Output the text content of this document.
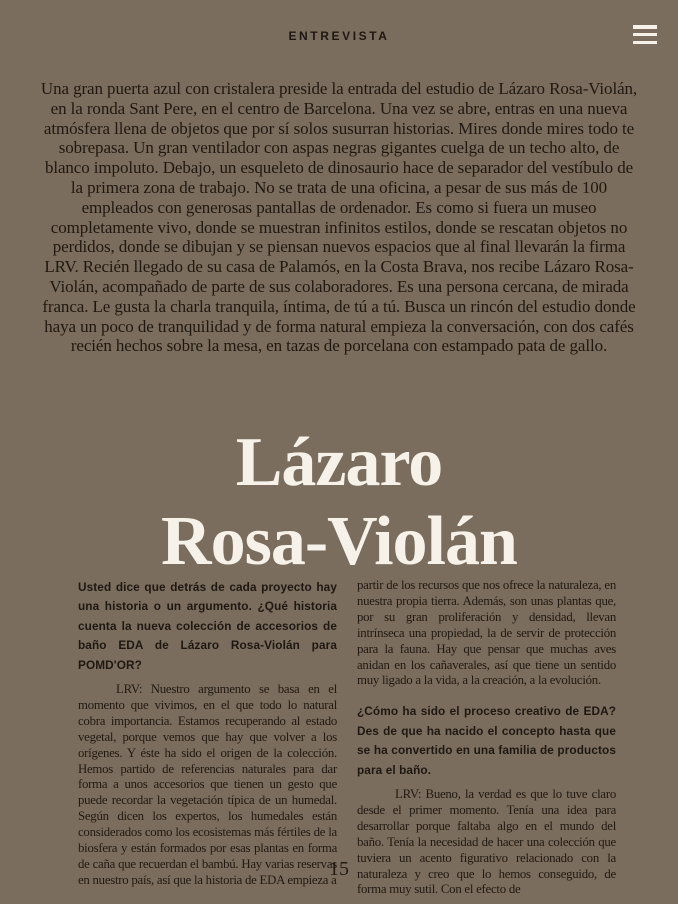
ENTREVISTA

Una gran puerta azul con cristalera preside la entrada del estudio de Lázaro Rosa-Violán, en la ronda Sant Pere, en el centro de Barcelona. Una vez se abre, entras en una nueva atmósfera llena de objetos que por sí solos susurran historias. Mires donde mires todo te sobrepasa. Un gran ventilador con aspas negras gigantes cuelga de un techo alto, de blanco impoluto. Debajo, un esqueleto de dinosaurio hace de separador del vestíbulo de la primera zona de trabajo. No se trata de una oficina, a pesar de sus más de 100 empleados con generosas pantallas de ordenador. Es como si fuera un museo completamente vivo, donde se muestran infinitos estilos, donde se rescatan objetos no perdidos, donde se dibujan y se piensan nuevos espacios que al final llevarán la firma LRV. Recién llegado de su casa de Palamós, en la Costa Brava, nos recibe Lázaro Rosa-Violán, acompañado de parte de sus colaboradores. Es una persona cercana, de mirada franca. Le gusta la charla tranquila, íntima, de tú a tú. Busca un rincón del estudio donde haya un poco de tranquilidad y de forma natural empieza la conversación, con dos cafés recién hechos sobre la mesa, en tazas de porcelana con estampado pata de gallo.

Lázaro
Rosa-Violán

Usted dice que detrás de cada proyecto hay una historia o un argumento. ¿Qué historia cuenta la nueva colección de accesorios de baño EDA de Lázaro Rosa-Violán para POMD'OR?

LRV: Nuestro argumento se basa en el momento que vivimos, en el que todo lo natural cobra importancia. Estamos recuperando al estado vegetal, porque vemos que hay que volver a los orígenes. Y éste ha sido el origen de la colección. Hemos partido de referencias naturales para dar forma a unos accesorios que tienen un gesto que puede recordar la vegetación típica de un humedal. Según dicen los expertos, los humedales están considerados como los ecosistemas más fértiles de la biosfera y están formados por esas plantas en forma de caña que recuerdan el bambú. Hay varias reservas en nuestro país, así que la historia de EDA empieza a

partir de los recursos que nos ofrece la naturaleza, en nuestra propia tierra. Además, son unas plantas que, por su gran proliferación y densidad, llevan intrínseca una propiedad, la de servir de protección para la fauna. Hay que pensar que muchas aves anidan en los cañaverales, así que tiene un sentido muy ligado a la vida, a la creación, a la evolución.

¿Cómo ha sido el proceso creativo de EDA? Des de que ha nacido el concepto hasta que se ha convertido en una familia de productos para el baño.

LRV: Bueno, la verdad es que lo tuve claro desde el primer momento. Tenía una idea para desarrollar porque faltaba algo en el mundo del baño. Tenía la necesidad de hacer una colección que tuviera un acento figurativo relacionado con la naturaleza y creo que lo hemos conseguido, de forma muy sutil. Con el efecto de

15
